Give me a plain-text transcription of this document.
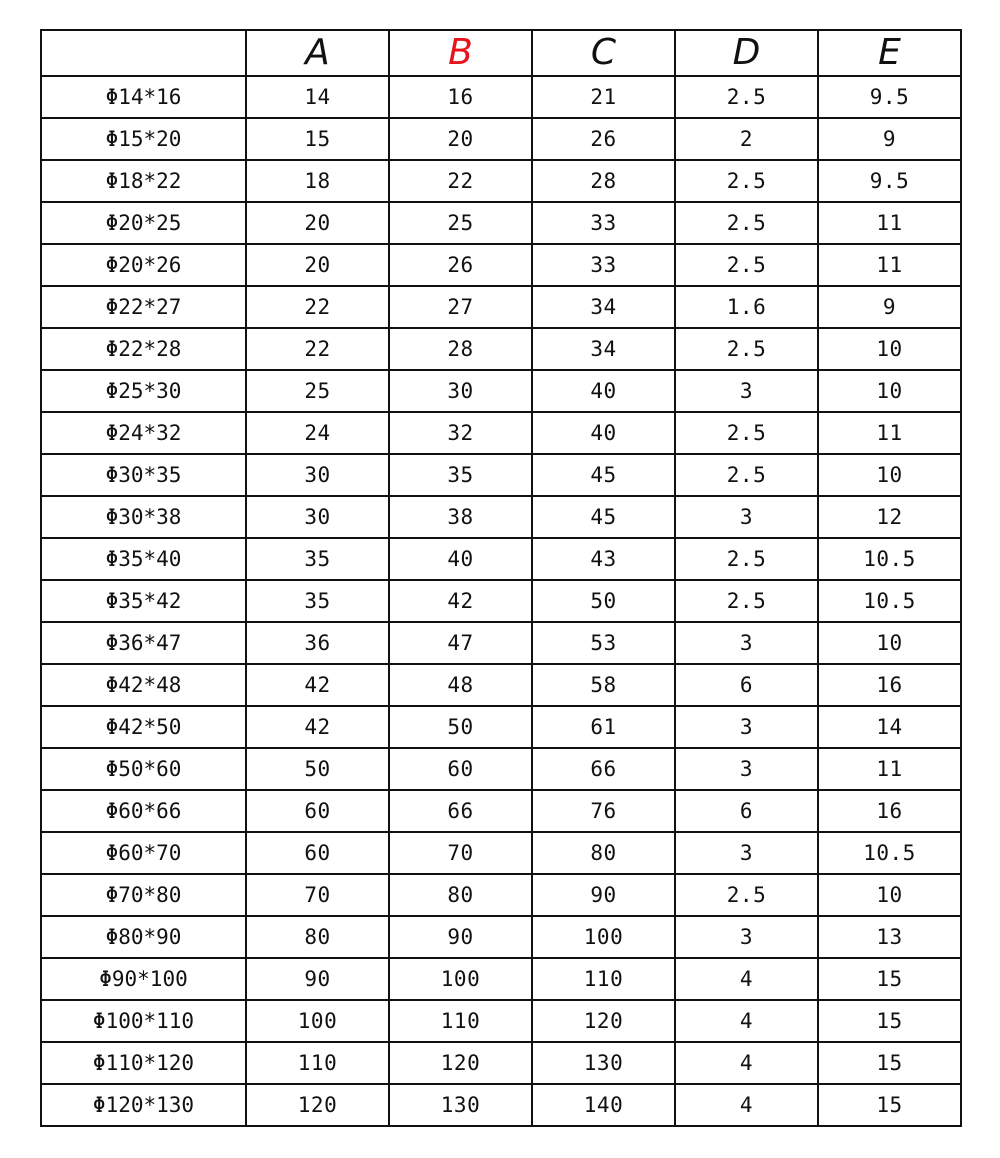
	A	B	C	D	E
Φ14*16	14	16	21	2.5	9.5
Φ15*20	15	20	26	2	9
Φ18*22	18	22	28	2.5	9.5
Φ20*25	20	25	33	2.5	11
Φ20*26	20	26	33	2.5	11
Φ22*27	22	27	34	1.6	9
Φ22*28	22	28	34	2.5	10
Φ25*30	25	30	40	3	10
Φ24*32	24	32	40	2.5	11
Φ30*35	30	35	45	2.5	10
Φ30*38	30	38	45	3	12
Φ35*40	35	40	43	2.5	10.5
Φ35*42	35	42	50	2.5	10.5
Φ36*47	36	47	53	3	10
Φ42*48	42	48	58	6	16
Φ42*50	42	50	61	3	14
Φ50*60	50	60	66	3	11
Φ60*66	60	66	76	6	16
Φ60*70	60	70	80	3	10.5
Φ70*80	70	80	90	2.5	10
Φ80*90	80	90	100	3	13
Φ90*100	90	100	110	4	15
Φ100*110	100	110	120	4	15
Φ110*120	110	120	130	4	15
Φ120*130	120	130	140	4	15
